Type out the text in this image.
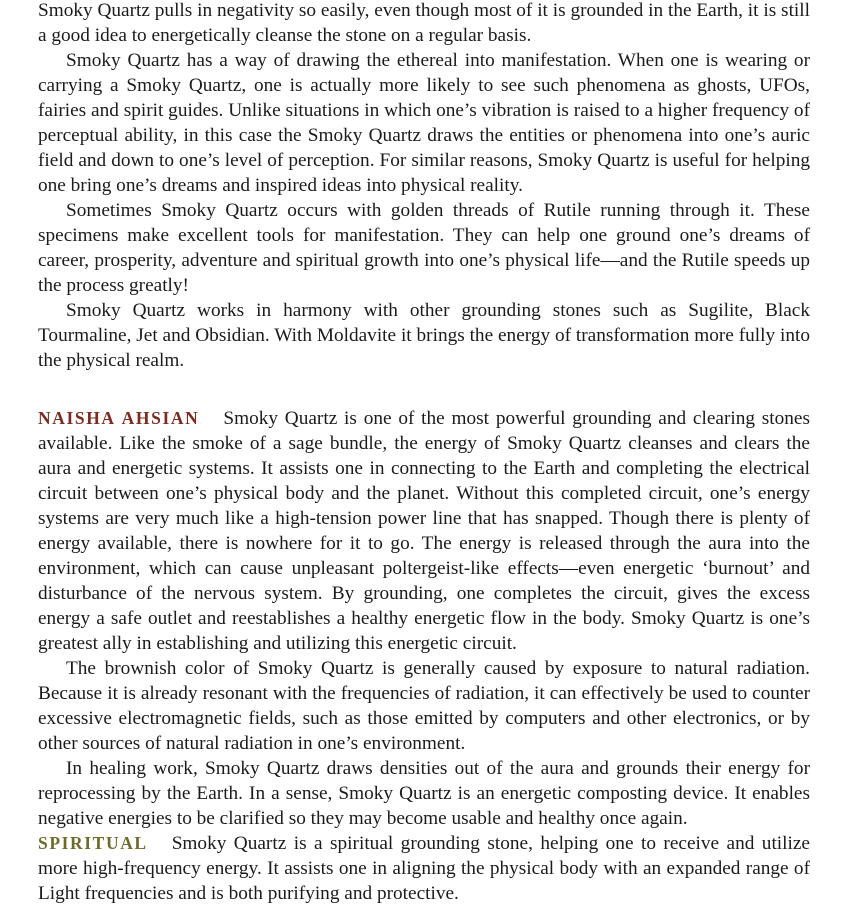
Smoky Quartz pulls in negativity so easily, even though most of it is grounded in the Earth, it is still a good idea to energetically cleanse the stone on a regular basis.

Smoky Quartz has a way of drawing the ethereal into manifestation. When one is wearing or carrying a Smoky Quartz, one is actually more likely to see such phenomena as ghosts, UFOs, fairies and spirit guides. Unlike situations in which one’s vibration is raised to a higher frequency of perceptual ability, in this case the Smoky Quartz draws the entities or phenomena into one’s auric field and down to one’s level of perception. For similar reasons, Smoky Quartz is useful for helping one bring one’s dreams and inspired ideas into physical reality.

Sometimes Smoky Quartz occurs with golden threads of Rutile running through it. These specimens make excellent tools for manifestation. They can help one ground one’s dreams of career, prosperity, adventure and spiritual growth into one’s physical life—and the Rutile speeds up the process greatly!

Smoky Quartz works in harmony with other grounding stones such as Sugilite, Black Tourmaline, Jet and Obsidian. With Moldavite it brings the energy of transformation more fully into the physical realm.

NAISHA AHSIAN Smoky Quartz is one of the most powerful grounding and clearing stones available. Like the smoke of a sage bundle, the energy of Smoky Quartz cleanses and clears the aura and energetic systems. It assists one in connecting to the Earth and completing the electrical circuit between one’s physical body and the planet. Without this completed circuit, one’s energy systems are very much like a high-tension power line that has snapped. Though there is plenty of energy available, there is nowhere for it to go. The energy is released through the aura into the environment, which can cause unpleasant poltergeist-like effects—even energetic ‘burnout’ and disturbance of the nervous system. By grounding, one completes the circuit, gives the excess energy a safe outlet and reestablishes a healthy energetic flow in the body. Smoky Quartz is one’s greatest ally in establishing and utilizing this energetic circuit.

The brownish color of Smoky Quartz is generally caused by exposure to natural radiation. Because it is already resonant with the frequencies of radiation, it can effectively be used to counter excessive electromagnetic fields, such as those emitted by computers and other electronics, or by other sources of natural radiation in one’s environment.

In healing work, Smoky Quartz draws densities out of the aura and grounds their energy for reprocessing by the Earth. In a sense, Smoky Quartz is an energetic composting device. It enables negative energies to be clarified so they may become usable and healthy once again.

SPIRITUAL Smoky Quartz is a spiritual grounding stone, helping one to receive and utilize more high-frequency energy. It assists one in aligning the physical body with an expanded range of Light frequencies and is both purifying and protective.
